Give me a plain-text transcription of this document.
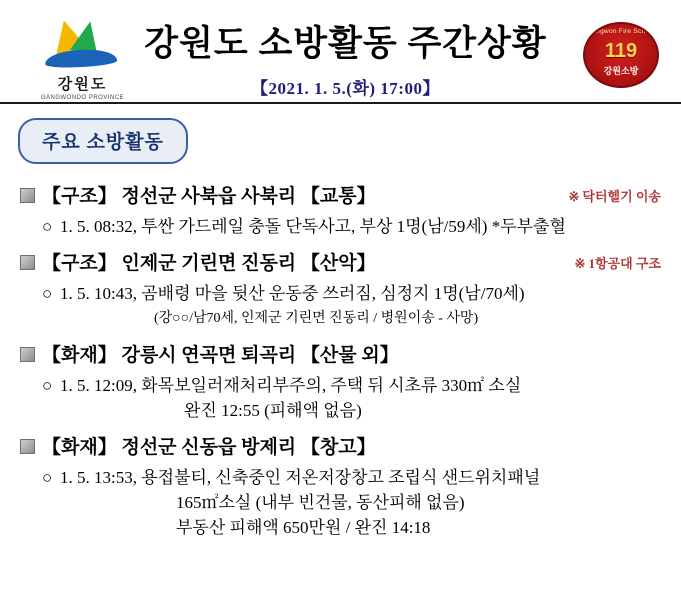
강원도
GANGWONDO PROVINCE
강원도 소방활동 주간상황
【2021. 1. 5.(화) 17:00】
Gangwon Fire School
119
강원소방
주요 소방활동
【구조】 정선군 사북읍 사북리 【교통】	※ 닥터헬기 이송
○ 1. 5. 08:32, 투싼 가드레일 충돌 단독사고, 부상 1명(남/59세) *두부출혈
【구조】 인제군 기린면 진동리 【산악】	※ 1항공대 구조
○ 1. 5. 10:43, 곰배령 마을 뒷산 운동중 쓰러짐, 심정지 1명(남/70세)
(강○○/남70세, 인제군 기린면 진동리 / 병원이송 - 사망)
【화재】 강릉시 연곡면 퇴곡리 【산물 외】
○ 1. 5. 12:09, 화목보일러재처리부주의, 주택 뒤 시초류 330㎡ 소실
완진 12:55 (피해액 없음)
【화재】 정선군 신동읍 방제리 【창고】
○ 1. 5. 13:53, 용접불티, 신축중인 저온저장창고 조립식 샌드위치패널
165㎡소실 (내부 빈건물, 동산피해 없음)
부동산 피해액 650만원 / 완진 14:18
